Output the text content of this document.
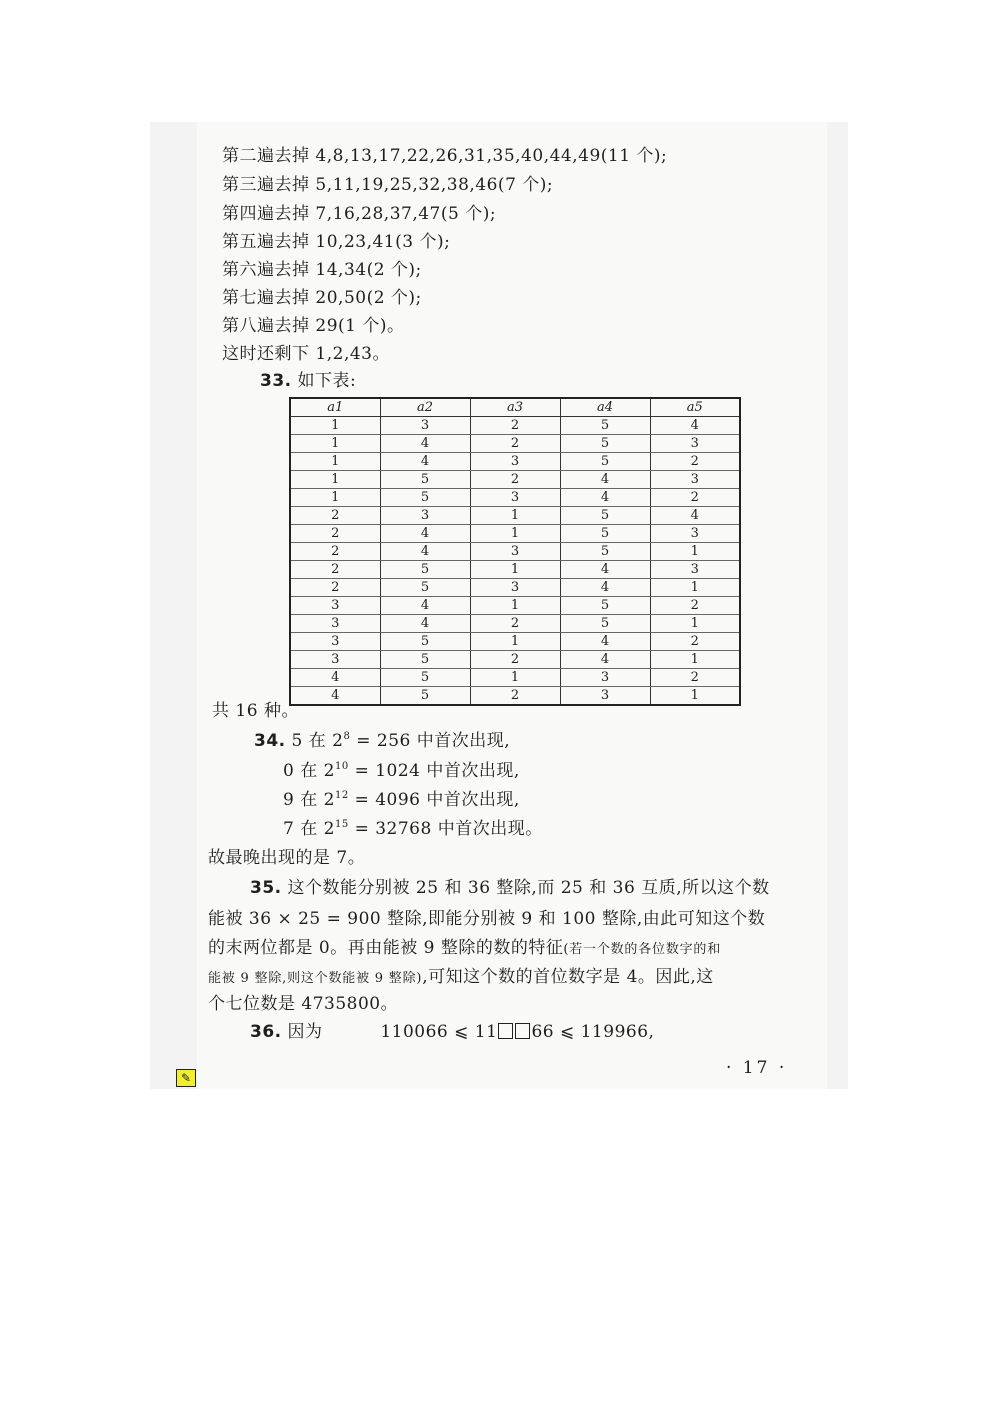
第二遍去掉 4,8,13,17,22,26,31,35,40,44,49(11 个);
第三遍去掉 5,11,19,25,32,38,46(7 个);
第四遍去掉 7,16,28,37,47(5 个);
第五遍去掉 10,23,41(3 个);
第六遍去掉 14,34(2 个);
第七遍去掉 20,50(2 个);
第八遍去掉 29(1 个)。
这时还剩下 1,2,43。
33. 如下表:
a1	a2	a3	a4	a5
1	3	2	5	4
1	4	2	5	3
1	4	3	5	2
1	5	2	4	3
1	5	3	4	2
2	3	1	5	4
2	4	1	5	3
2	4	3	5	1
2	5	1	4	3
2	5	3	4	1
3	4	1	5	2
3	4	2	5	1
3	5	1	4	2
3	5	2	4	1
4	5	1	3	2
4	5	2	3	1
共 16 种。
34. 5 在 $2^8 = 256$ 中首次出现,
0 在 $2^{10} = 1024$ 中首次出现,
9 在 $2^{12} = 4096$ 中首次出现,
7 在 $2^{15} = 32768$ 中首次出现。
故最晚出现的是 7。
35. 这个数能分别被 25 和 36 整除,而 25 和 36 互质,所以这个数
能被 36 × 25 = 900 整除,即能分别被 9 和 100 整除,由此可知这个数
的末两位都是 0。再由能被 9 整除的数的特征(若一个数的各位数字的和
能被 9 整除,则这个数能被 9 整除),可知这个数的首位数字是 4。因此,这
个七位数是 4735800。
36. 因为	110066 ⩽ 11 66 ⩽ 119966,
· 17 ·
✎
